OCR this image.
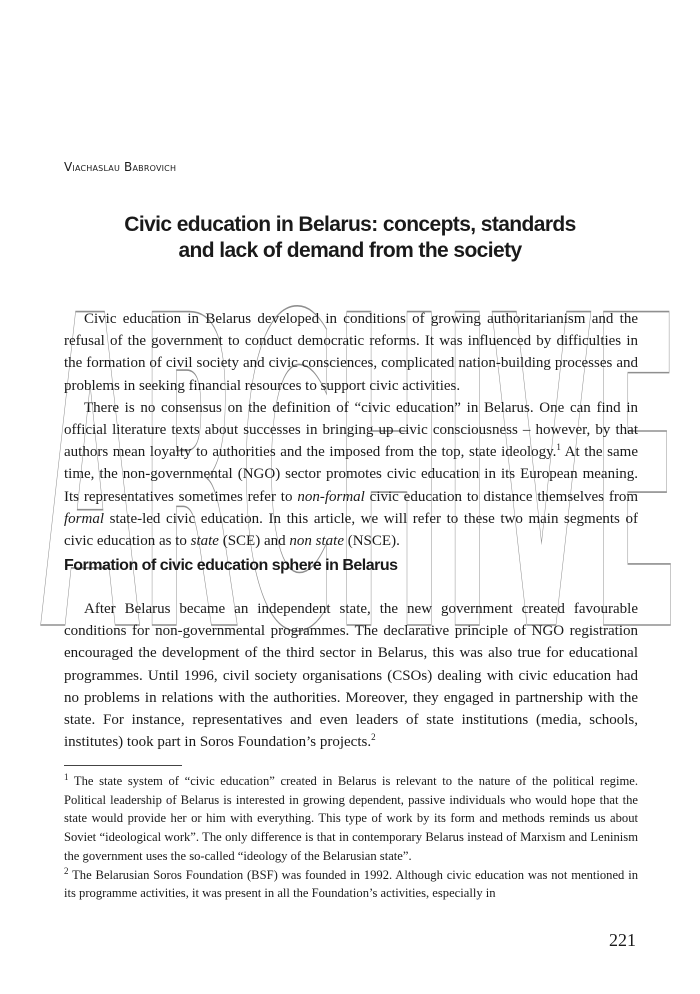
ARCHIVE
Viachaslau Babrovich
Civic education in Belarus: concepts, standards
and lack of demand from the society

Civic education in Belarus developed in conditions of growing authoritarianism and the refusal of the government to conduct democratic reforms. It was influenced by difficulties in the formation of civil society and civic consciences, complicated nation-building processes and problems in seeking financial resources to support civic activities.

There is no consensus on the definition of “civic education” in Belarus. One can find in official literature texts about successes in bringing up civic consciousness – however, by that authors mean loyalty to authorities and the imposed from the top, state ideology.$^1$ At the same time, the non-governmental (NGO) sector promotes civic education in its European meaning. Its representatives sometimes refer to non-formal civic education to distance themselves from formal state-led civic education. In this article, we will refer to these two main segments of civic education as to state (SCE) and non state (NSCE).

Formation of civic education sphere in Belarus

After Belarus became an independent state, the new government created favourable conditions for non-governmental programmes. The declarative principle of NGO registration encouraged the development of the third sector in Belarus, this was also true for educational programmes. Until 1996, civil society organisations (CSOs) dealing with civic education had no problems in relations with the authorities. Moreover, they engaged in partnership with the state. For instance, representatives and even leaders of state institutions (media, schools, institutes) took part in Soros Foundation’s projects.$^2$

$^1$ The state system of “civic education” created in Belarus is relevant to the nature of the political regime. Political leadership of Belarus is interested in growing dependent, passive individuals who would hope that the state would provide her or him with everything. This type of work by its form and methods reminds us about Soviet “ideological work”. The only difference is that in contemporary Belarus instead of Marxism and Leninism the government uses the so-called “ideology of the Belarusian state”.

$^2$ The Belarusian Soros Foundation (BSF) was founded in 1992. Although civic education was not mentioned in its programme activities, it was present in all the Foundation’s activities, especially in

221
